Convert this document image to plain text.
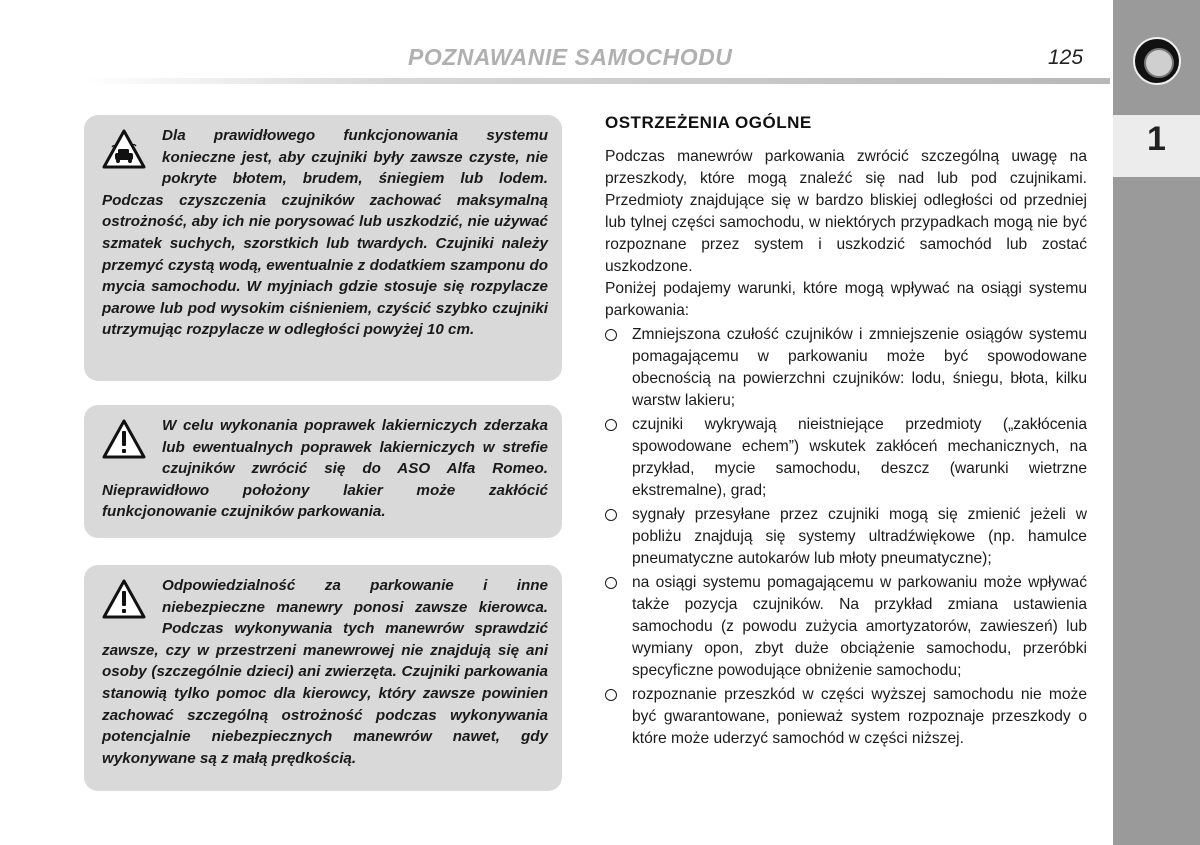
POZNAWANIE SAMOCHODU	125
1

Dla prawidłowego funkcjonowania systemu konieczne jest, aby czujniki były zawsze czyste, nie pokryte błotem, brudem, śniegiem lub lodem. Podczas czyszczenia czujników zachować maksymalną ostrożność, aby ich nie porysować lub uszkodzić, nie używać szmatek suchych, szorstkich lub twardych. Czujniki należy przemyć czystą wodą, ewentualnie z dodatkiem szamponu do mycia samochodu. W myjniach gdzie stosuje się rozpylacze parowe lub pod wysokim ciśnieniem, czyścić szybko czujniki utrzymując rozpylacze w odległości powyżej 10 cm.

W celu wykonania poprawek lakierniczych zderzaka lub ewentualnych poprawek lakierniczych w strefie czujników zwrócić się do ASO Alfa Romeo. Nieprawidłowo położony lakier może zakłócić funkcjonowanie czujników parkowania.

Odpowiedzialność za parkowanie i inne niebezpieczne manewry ponosi zawsze kierowca. Podczas wykonywania tych manewrów sprawdzić zawsze, czy w przestrzeni manewrowej nie znajdują się ani osoby (szczególnie dzieci) ani zwierzęta. Czujniki parkowania stanowią tylko pomoc dla kierowcy, który zawsze powinien zachować szczególną ostrożność podczas wykonywania potencjalnie niebezpiecznych manewrów nawet, gdy wykonywane są z małą prędkością.

OSTRZEŻENIA OGÓLNE

Podczas manewrów parkowania zwrócić szczególną uwagę na przeszkody, które mogą znaleźć się nad lub pod czujnikami. Przedmioty znajdujące się w bardzo bliskiej odległości od przedniej lub tylnej części samochodu, w niektórych przypadkach mogą nie być rozpoznane przez system i uszkodzić samochód lub zostać uszkodzone.

Poniżej podajemy warunki, które mogą wpływać na osiągi systemu parkowania:

Zmniejszona czułość czujników i zmniejszenie osiągów systemu pomagającemu w parkowaniu może być spowodowane obecnością na powierzchni czujników: lodu, śniegu, błota, kilku warstw lakieru;
czujniki wykrywają nieistniejące przedmioty („zakłócenia spowodowane echem”) wskutek zakłóceń mechanicznych, na przykład, mycie samochodu, deszcz (warunki wietrzne ekstremalne), grad;
sygnały przesyłane przez czujniki mogą się zmienić jeżeli w pobliżu znajdują się systemy ultradźwiękowe (np. hamulce pneumatyczne autokarów lub młoty pneumatyczne);
na osiągi systemu pomagającemu w parkowaniu może wpływać także pozycja czujników. Na przykład zmiana ustawienia samochodu (z powodu zużycia amortyzatorów, zawieszeń) lub wymiany opon, zbyt duże obciążenie samochodu, przeróbki specyficzne powodujące obniżenie samochodu;
rozpoznanie przeszkód w części wyższej samochodu nie może być gwarantowane, ponieważ system rozpoznaje przeszkody o które może uderzyć samochód w części niższej.
